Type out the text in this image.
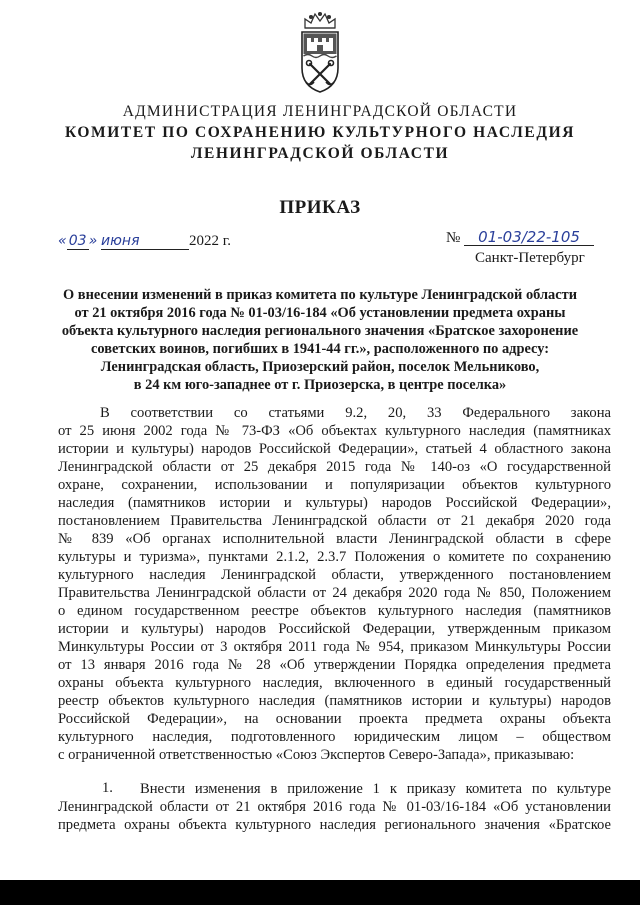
АДМИНИСТРАЦИЯ ЛЕНИНГРАДСКОЙ ОБЛАСТИ
КОМИТЕТ ПО СОХРАНЕНИЮ КУЛЬТУРНОГО НАСЛЕДИЯ
ЛЕНИНГРАДСКОЙ ОБЛАСТИ
ПРИКАЗ
« 03 » июня	2022 г.	№ 01-03/22-105
Санкт-Петербург
О внесении изменений в приказ комитета по культуре Ленинградской области
от 21 октября 2016 года № 01-03/16-184 «Об установлении предмета охраны
объекта культурного наследия регионального значения «Братское захоронение
советских воинов, погибших в 1941-44 гг.», расположенного по адресу:
Ленинградская область, Приозерский район, поселок Мельниково,
в 24 км юго-западнее от г. Приозерска, в центре поселка»
В соответствии со статьями 9.2, 20, 33 Федерального закона
от 25 июня 2002 года № 73-ФЗ «Об объектах культурного наследия (памятниках
истории и культуры) народов Российской Федерации», статьей 4 областного закона
Ленинградской области от 25 декабря 2015 года № 140-оз «О государственной
охране, сохранении, использовании и популяризации объектов культурного
наследия (памятников истории и культуры) народов Российской Федерации»,
постановлением Правительства Ленинградской области от 21 декабря 2020 года
№ 839 «Об органах исполнительной власти Ленинградской области в сфере
культуры и туризма», пунктами 2.1.2, 2.3.7 Положения о комитете по сохранению
культурного наследия Ленинградской области, утвержденного постановлением
Правительства Ленинградской области от 24 декабря 2020 года № 850, Положением
о едином государственном реестре объектов культурного наследия (памятников
истории и культуры) народов Российской Федерации, утвержденным приказом
Минкультуры России от 3 октября 2011 года № 954, приказом Минкультуры России
от 13 января 2016 года № 28 «Об утверждении Порядка определения предмета
охраны объекта культурного наследия, включенного в единый государственный
реестр объектов культурного наследия (памятников истории и культуры) народов
Российской Федерации», на основании проекта предмета охраны объекта
культурного наследия, подготовленного юридическим лицом – обществом
с ограниченной ответственностью «Союз Экспертов Северо-Запада», приказываю:
1. Внести изменения в приложение 1 к приказу комитета по культуре
Ленинградской области от 21 октября 2016 года № 01-03/16-184 «Об установлении
предмета охраны объекта культурного наследия регионального значения «Братское
